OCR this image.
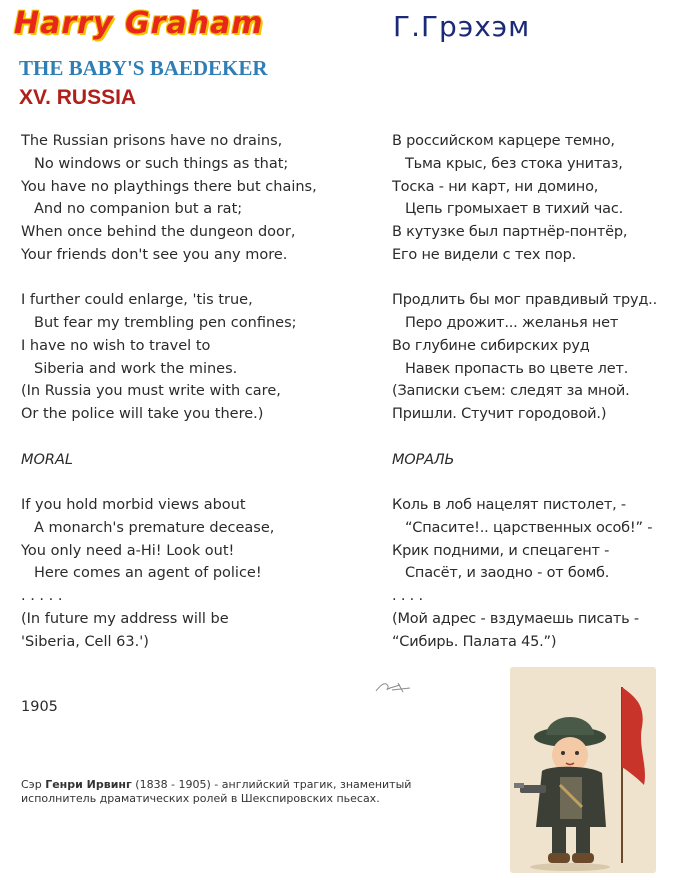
Harry Graham	Г.Грэхэм
THE BABY'S BAEDEKER
XV. RUSSIA
The Russian prisons have no drains,
No windows or such things as that;
You have no playthings there but chains,
And no companion but a rat;
When once behind the dungeon door,
Your friends don't see you any more.
I further could enlarge, 'tis true,
But fear my trembling pen confines;
I have no wish to travel to
Siberia and work the mines.
(In Russia you must write with care,
Or the police will take you there.)
MORAL
If you hold morbid views about
A monarch's premature decease,
You only need a-Hi! Look out!
Here comes an agent of police!
. . . . .
(In future my address will be
'Siberia, Cell 63.')
В российском карцере темно,
Тьма крыс, без стока унитаз,
Тоска - ни карт, ни домино,
Цепь громыхает в тихий час.
В кутузке был партнёр-понтёр,
Его не видели с тех пор.
Продлить бы мог правдивый труд..
Перо дрожит... желанья нет
Во глубине сибирских руд
Навек пропасть во цвете лет.
(Записки съем: следят за мной.
Пришли. Стучит городовой.)
МОРАЛЬ
Коль в лоб нацелят пистолет, -
“Спасите!.. царственных особ!” -
Крик подними, и спецагент -
Спасёт, и заодно - от бомб.
. . . .
(Мой адрес - вздумаешь писать -
“Сибирь. Палата 45.”)

1905

Сэр Генри Ирвинг (1838 - 1905) - английский трагик, знаменитый исполнитель драматических ролей в Шекспировских пьесах.
